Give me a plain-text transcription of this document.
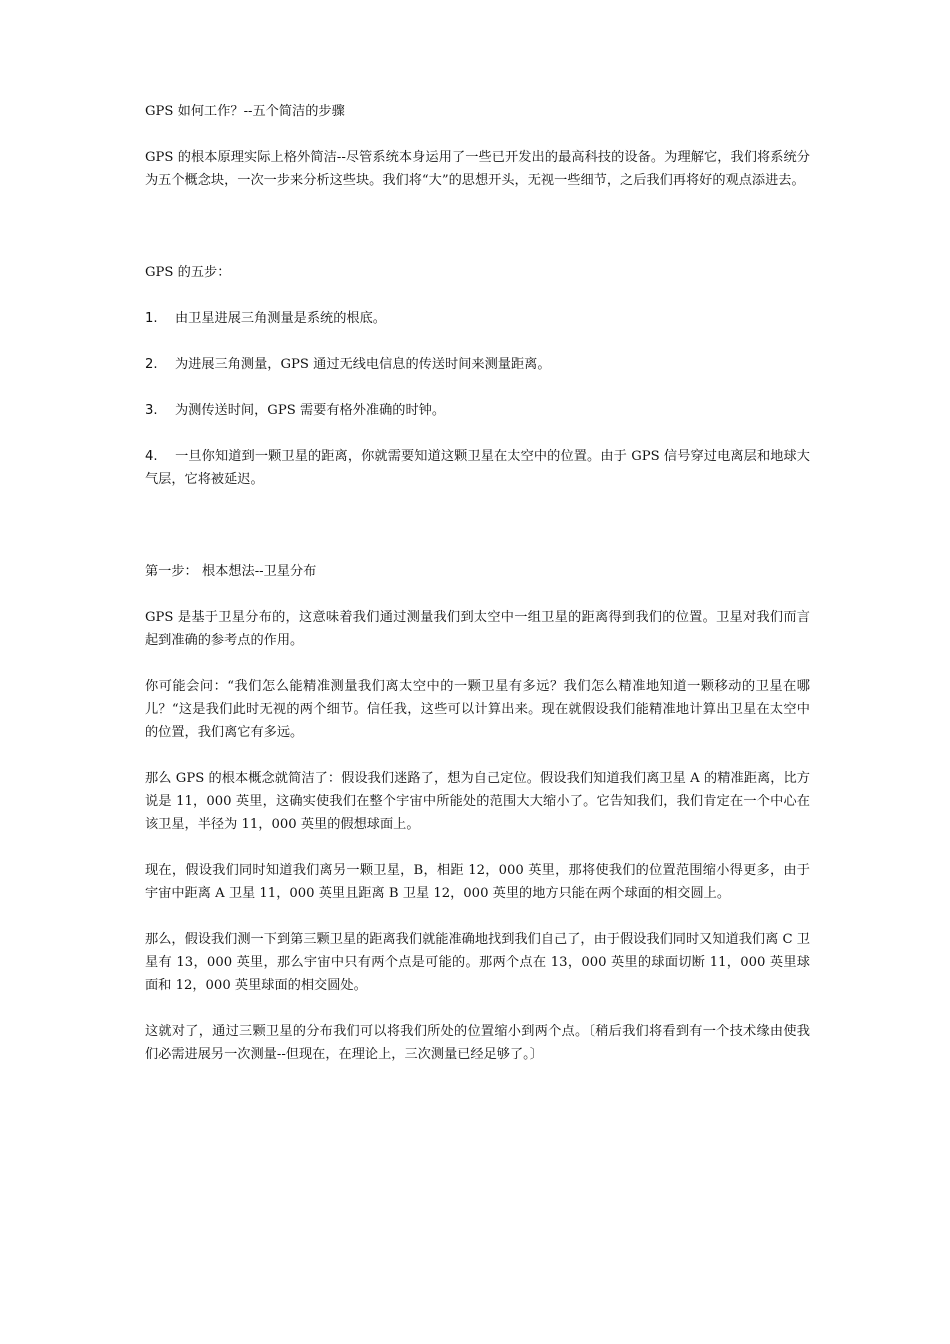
GPS 如何工作？--五个简洁的步骤

GPS 的根本原理实际上格外简洁--尽管系统本身运用了一些已开发出的最高科技的设备。为理解它，我们将系统分为五个概念块，一次一步来分析这些块。我们将“大”的思想开头，无视一些细节，之后我们再将好的观点添进去。

GPS 的五步：

1. 由卫星进展三角测量是系统的根底。
2. 为进展三角测量，GPS 通过无线电信息的传送时间来测量距离。
3. 为测传送时间，GPS 需要有格外准确的时钟。

4. 一旦你知道到一颗卫星的距离，你就需要知道这颗卫星在太空中的位置。由于 GPS 信号穿过电离层和地球大气层，它将被延迟。

第一步： 根本想法--卫星分布

GPS 是基于卫星分布的，这意味着我们通过测量我们到太空中一组卫星的距离得到我们的位置。卫星对我们而言起到准确的参考点的作用。

你可能会问：“我们怎么能精准测量我们离太空中的一颗卫星有多远？我们怎么精准地知道一颗移动的卫星在哪儿？“这是我们此时无视的两个细节。信任我，这些可以计算出来。现在就假设我们能精准地计算出卫星在太空中的位置，我们离它有多远。

那么 GPS 的根本概念就简洁了：假设我们迷路了，想为自己定位。假设我们知道我们离卫星 A 的精准距离，比方说是 11，000 英里，这确实使我们在整个宇宙中所能处的范围大大缩小了。它告知我们，我们肯定在一个中心在该卫星，半径为 11，000 英里的假想球面上。

现在，假设我们同时知道我们离另一颗卫星，B，相距 12，000 英里，那将使我们的位置范围缩小得更多，由于宇宙中距离 A 卫星 11，000 英里且距离 B 卫星 12，000 英里的地方只能在两个球面的相交圆上。

那么，假设我们测一下到第三颗卫星的距离我们就能准确地找到我们自己了，由于假设我们同时又知道我们离 C 卫星有 13，000 英里，那么宇宙中只有两个点是可能的。那两个点在 13，000 英里的球面切断 11，000 英里球面和 12，000 英里球面的相交圆处。

这就对了，通过三颗卫星的分布我们可以将我们所处的位置缩小到两个点。〔稍后我们将看到有一个技术缘由使我们必需进展另一次测量--但现在，在理论上，三次测量已经足够了。〕
